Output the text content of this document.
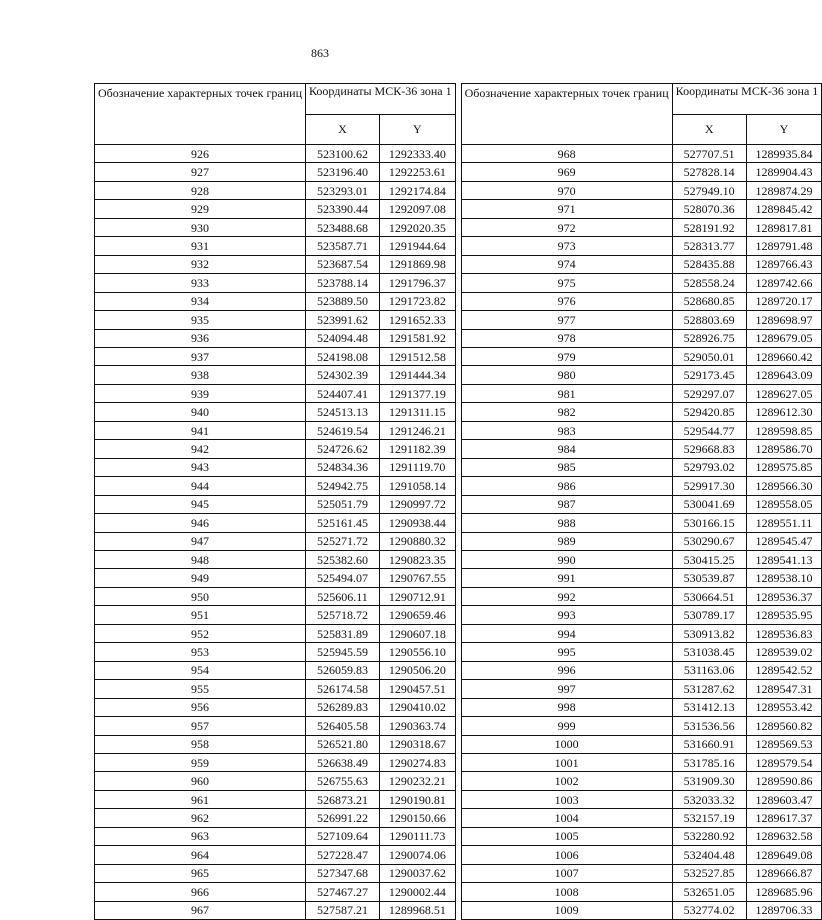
863
Обозначение характерных точек границ	Координаты МСК-36 зона 1	
	X	Y
926	523100.62	1292333.40
927	523196.40	1292253.61
928	523293.01	1292174.84
929	523390.44	1292097.08
930	523488.68	1292020.35
931	523587.71	1291944.64
932	523687.54	1291869.98
933	523788.14	1291796.37
934	523889.50	1291723.82
935	523991.62	1291652.33
936	524094.48	1291581.92
937	524198.08	1291512.58
938	524302.39	1291444.34
939	524407.41	1291377.19
940	524513.13	1291311.15
941	524619.54	1291246.21
942	524726.62	1291182.39
943	524834.36	1291119.70
944	524942.75	1291058.14
945	525051.79	1290997.72
946	525161.45	1290938.44
947	525271.72	1290880.32
948	525382.60	1290823.35
949	525494.07	1290767.55
950	525606.11	1290712.91
951	525718.72	1290659.46
952	525831.89	1290607.18
953	525945.59	1290556.10
954	526059.83	1290506.20
955	526174.58	1290457.51
956	526289.83	1290410.02
957	526405.58	1290363.74
958	526521.80	1290318.67
959	526638.49	1290274.83
960	526755.63	1290232.21
961	526873.21	1290190.81
962	526991.22	1290150.66
963	527109.64	1290111.73
964	527228.47	1290074.06
965	527347.68	1290037.62
966	527467.27	1290002.44
967	527587.21	1289968.51
Обозначение характерных точек границ	Координаты МСК-36 зона 1	
	X	Y
968	527707.51	1289935.84
969	527828.14	1289904.43
970	527949.10	1289874.29
971	528070.36	1289845.42
972	528191.92	1289817.81
973	528313.77	1289791.48
974	528435.88	1289766.43
975	528558.24	1289742.66
976	528680.85	1289720.17
977	528803.69	1289698.97
978	528926.75	1289679.05
979	529050.01	1289660.42
980	529173.45	1289643.09
981	529297.07	1289627.05
982	529420.85	1289612.30
983	529544.77	1289598.85
984	529668.83	1289586.70
985	529793.02	1289575.85
986	529917.30	1289566.30
987	530041.69	1289558.05
988	530166.15	1289551.11
989	530290.67	1289545.47
990	530415.25	1289541.13
991	530539.87	1289538.10
992	530664.51	1289536.37
993	530789.17	1289535.95
994	530913.82	1289536.83
995	531038.45	1289539.02
996	531163.06	1289542.52
997	531287.62	1289547.31
998	531412.13	1289553.42
999	531536.56	1289560.82
1000	531660.91	1289569.53
1001	531785.16	1289579.54
1002	531909.30	1289590.86
1003	532033.32	1289603.47
1004	532157.19	1289617.37
1005	532280.92	1289632.58
1006	532404.48	1289649.08
1007	532527.85	1289666.87
1008	532651.05	1289685.96
1009	532774.02	1289706.33
